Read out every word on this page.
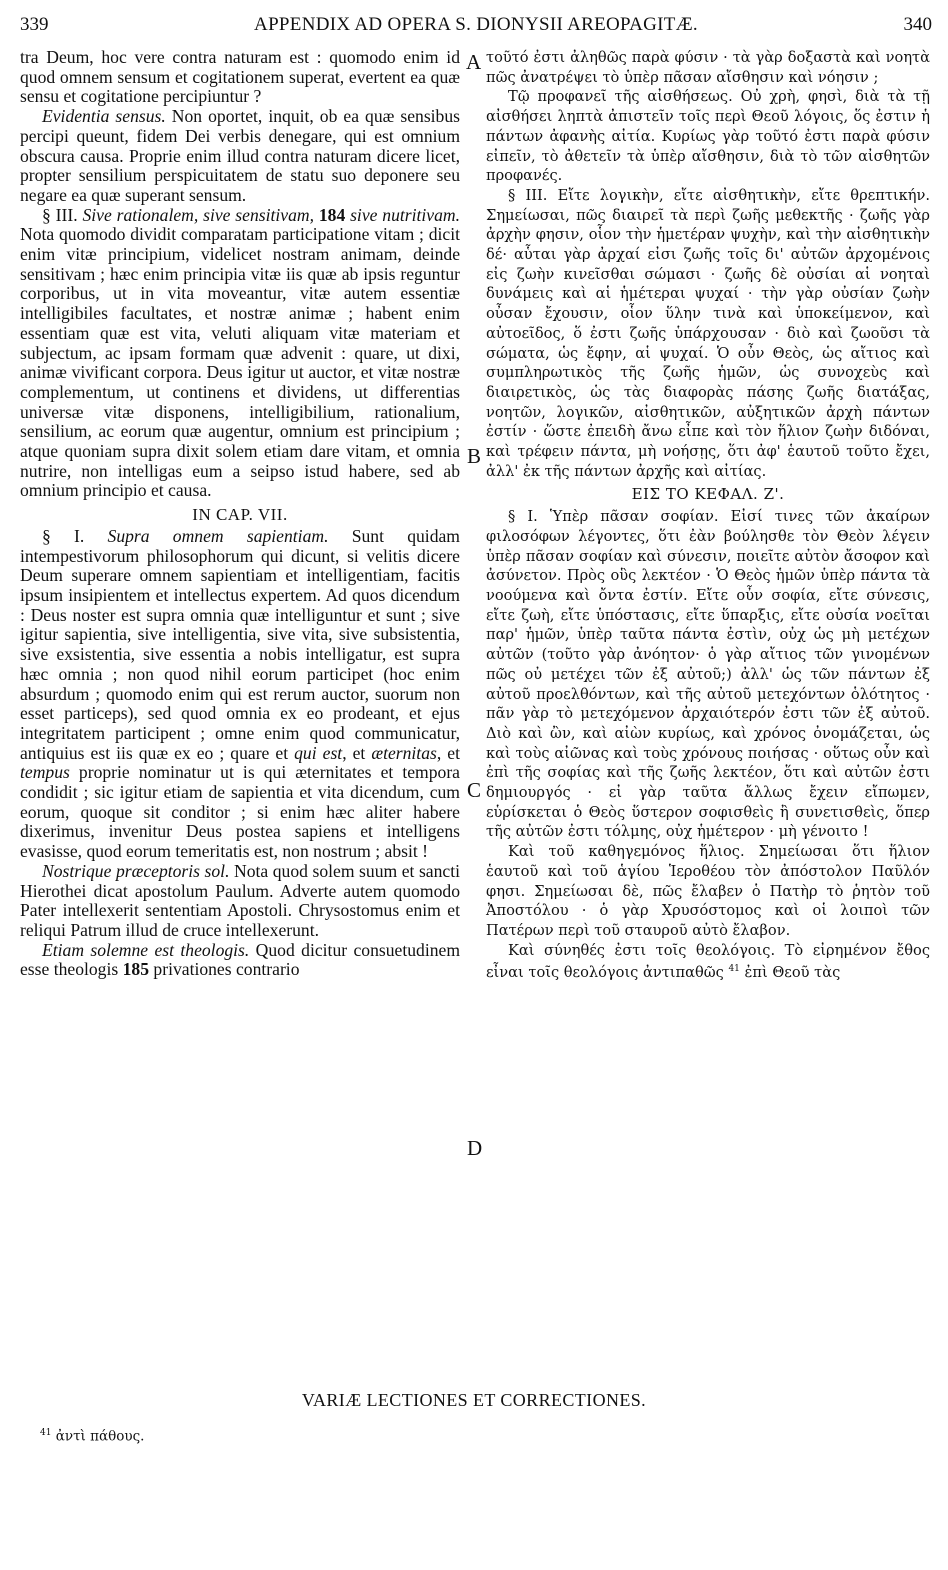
339	APPENDIX AD OPERA S. DIONYSII AREOPAGITÆ.	340
A
B
C
D

tra Deum, hoc vere contra naturam est : quomodo enim id quod omnem sensum et cogitationem superat, evertent ea quæ sensu et cogitatione percipiuntur ?

Evidentia sensus. Non oportet, inquit, ob ea quæ sensibus percipi queunt, fidem Dei verbis denegare, qui est omnium obscura causa. Proprie enim illud contra naturam dicere licet, propter sensilium perspicuitatem de statu suo deponere seu negare ea quæ superant sensum.

§ III. Sive rationalem, sive sensitivam, 184 sive nutritivam. Nota quomodo dividit comparatam participatione vitam ; dicit enim vitæ principium, videlicet nostram animam, deinde sensitivam ; hæc enim principia vitæ iis quæ ab ipsis reguntur corporibus, ut in vita moveantur, vitæ autem essentiæ intelligibiles facultates, et nostræ animæ ; habent enim essentiam quæ est vita, veluti aliquam vitæ materiam et subjectum, ac ipsam formam quæ advenit : quare, ut dixi, animæ vivificant corpora. Deus igitur ut auctor, et vitæ nostræ complementum, ut continens et dividens, ut differentias universæ vitæ disponens, intelligibilium, rationalium, sensilium, ac eorum quæ augentur, omnium est principium ; atque quoniam supra dixit solem etiam dare vitam, et omnia nutrire, non intelligas eum a seipso istud habere, sed ab omnium principio et causa.

IN CAP. VII.

§ I. Supra omnem sapientiam. Sunt quidam intempestivorum philosophorum qui dicunt, si velitis dicere Deum superare omnem sapientiam et intelligentiam, facitis ipsum insipientem et intellectus expertem. Ad quos dicendum : Deus noster est supra omnia quæ intelliguntur et sunt ; sive igitur sapientia, sive intelligentia, sive vita, sive subsistentia, sive exsistentia, sive essentia a nobis intelligatur, est supra hæc omnia ; non quod nihil eorum participet (hoc enim absurdum ; quomodo enim qui est rerum auctor, suorum non esset particeps), sed quod omnia ex eo prodeant, et ejus integritatem participent ; omne enim quod communicatur, antiquius est iis quæ ex eo ; quare et qui est, et æternitas, et tempus proprie nominatur ut is qui æternitates et tempora condidit ; sic igitur etiam de sapientia et vita dicendum, cum eorum, quoque sit conditor ; si enim hæc aliter habere dixerimus, invenitur Deus postea sapiens et intelligens evasisse, quod eorum temeritatis est, non nostrum ; absit !

Nostrique præceptoris sol. Nota quod solem suum et sancti Hierothei dicat apostolum Paulum. Adverte autem quomodo Pater intellexerit sententiam Apostoli. Chrysostomus enim et reliqui Patrum illud de cruce intellexerunt.

Etiam solemne est theologis. Quod dicitur consuetudinem esse theologis 185 privationes contrario

τοῦτό ἐστι ἀληθῶς παρὰ φύσιν · τὰ γὰρ δοξαστὰ καὶ νοητὰ πῶς ἀνατρέψει τὸ ὑπὲρ πᾶσαν αἴσθησιν καὶ νόησιν ;

Τῷ προφανεῖ τῆς αἰσθήσεως. Οὐ χρὴ, φησὶ, διὰ τὰ τῇ αἰσθήσει ληπτὰ ἀπιστεῖν τοῖς περὶ Θεοῦ λόγοις, ὅς ἐστιν ἡ πάντων ἀφανὴς αἰτία. Κυρίως γὰρ τοῦτό ἐστι παρὰ φύσιν εἰπεῖν, τὸ ἀθετεῖν τὰ ὑπὲρ αἴσθησιν, διὰ τὸ τῶν αἰσθητῶν προφανές.

§ III. Εἴτε λογικὴν, εἴτε αἰσθητικὴν, εἴτε θρεπτικήν. Σημείωσαι, πῶς διαιρεῖ τὰ περὶ ζωῆς μεθεκτῆς · ζωῆς γὰρ ἀρχὴν φησιν, οἷον τὴν ἡμετέραν ψυχὴν, καὶ τὴν αἰσθητικὴν δέ· αὗται γὰρ ἀρχαί εἰσι ζωῆς τοῖς δι' αὐτῶν ἀρχομένοις εἰς ζωὴν κινεῖσθαι σώμασι · ζωῆς δὲ οὐσίαι αἱ νοηταὶ δυνάμεις καὶ αἱ ἡμέτεραι ψυχαί · τὴν γὰρ οὐσίαν ζωὴν οὖσαν ἔχουσιν, οἷον ὕλην τινὰ καὶ ὑποκείμενον, καὶ αὐτοεῖδος, ὅ ἐστι ζωῆς ὑπάρχουσαν · διὸ καὶ ζωοῦσι τὰ σώματα, ὡς ἔφην, αἱ ψυχαί. Ὁ οὖν Θεὸς, ὡς αἴτιος καὶ συμπληρωτικὸς τῆς ζωῆς ἡμῶν, ὡς συνοχεὺς καὶ διαιρετικὸς, ὡς τὰς διαφορὰς πάσης ζωῆς διατάξας, νοητῶν, λογικῶν, αἰσθητικῶν, αὐξητικῶν ἀρχὴ πάντων ἐστίν · ὥστε ἐπειδὴ ἄνω εἶπε καὶ τὸν ἥλιον ζωὴν διδόναι, καὶ τρέφειν πάντα, μὴ νοήσῃς, ὅτι ἀφ' ἑαυτοῦ τοῦτο ἔχει, ἀλλ' ἐκ τῆς πάντων ἀρχῆς καὶ αἰτίας.

ΕΙΣ ΤΟ ΚΕΦΑΛ. Ζ'.

§ Ι. Ὑπὲρ πᾶσαν σοφίαν. Εἰσί τινες τῶν ἀκαίρων φιλοσόφων λέγοντες, ὅτι ἐὰν βούλησθε τὸν Θεὸν λέγειν ὑπὲρ πᾶσαν σοφίαν καὶ σύνεσιν, ποιεῖτε αὐτὸν ἄσοφον καὶ ἀσύνετον. Πρὸς οὓς λεκτέον · Ὁ Θεὸς ἡμῶν ὑπὲρ πάντα τὰ νοούμενα καὶ ὄντα ἐστίν. Εἴτε οὖν σοφία, εἴτε σύνεσις, εἴτε ζωὴ, εἴτε ὑπόστασις, εἴτε ὕπαρξις, εἴτε οὐσία νοεῖται παρ' ἡμῶν, ὑπὲρ ταῦτα πάντα ἐστὶν, οὐχ ὡς μὴ μετέχων αὐτῶν (τοῦτο γὰρ ἀνόητον· ὁ γὰρ αἴτιος τῶν γινομένων πῶς οὐ μετέχει τῶν ἐξ αὐτοῦ;) ἀλλ' ὡς τῶν πάντων ἐξ αὐτοῦ προελθόντων, καὶ τῆς αὐτοῦ μετεχόντων ὁλότητος · πᾶν γὰρ τὸ μετεχόμενον ἀρχαιότερόν ἐστι τῶν ἐξ αὐτοῦ. Διὸ καὶ ὢν, καὶ αἰὼν κυρίως, καὶ χρόνος ὀνομάζεται, ὡς καὶ τοὺς αἰῶνας καὶ τοὺς χρόνους ποιήσας · οὕτως οὖν καὶ ἐπὶ τῆς σοφίας καὶ τῆς ζωῆς λεκτέον, ὅτι καὶ αὐτῶν ἐστι δημιουργός · εἰ γὰρ ταῦτα ἄλλως ἔχειν εἴπωμεν, εὑρίσκεται ὁ Θεὸς ὕστερον σοφισθεὶς ἢ συνετισθεὶς, ὅπερ τῆς αὐτῶν ἐστι τόλμης, οὐχ ἡμέτερον · μὴ γένοιτο !

Καὶ τοῦ καθηγεμόνος ἥλιος. Σημείωσαι ὅτι ἥλιον ἑαυτοῦ καὶ τοῦ ἁγίου Ἱεροθέου τὸν ἀπόστολον Παῦλόν φησι. Σημείωσαι δὲ, πῶς ἔλαβεν ὁ Πατὴρ τὸ ῥητὸν τοῦ Ἀποστόλου · ὁ γὰρ Χρυσόστομος καὶ οἱ λοιποὶ τῶν Πατέρων περὶ τοῦ σταυροῦ αὐτὸ ἔλαβον.

Καὶ σύνηθές ἐστι τοῖς θεολόγοις. Τὸ εἰρημένον ἔθος εἶναι τοῖς θεολόγοις ἀντιπαθῶς $^{41}$ ἐπὶ Θεοῦ τὰς

VARIÆ LECTIONES ET CORRECTIONES.
$^{41}$ ἀντὶ πάθους.
